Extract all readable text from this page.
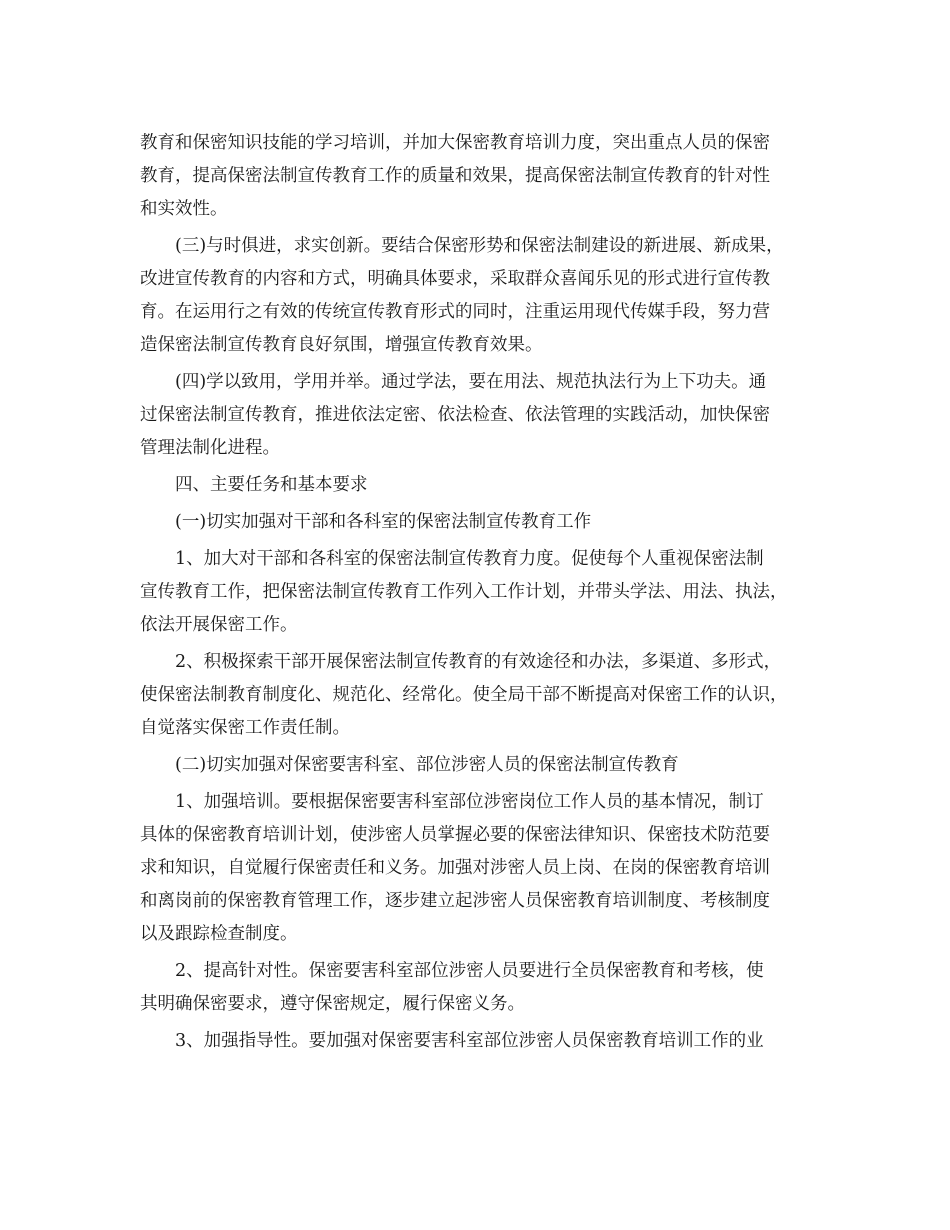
教育和保密知识技能的学习培训，并加大保密教育培训力度，突出重点人员的保密
教育，提高保密法制宣传教育工作的质量和效果，提高保密法制宣传教育的针对性
和实效性。
(三)与时俱进，求实创新。要结合保密形势和保密法制建设的新进展、新成果，
改进宣传教育的内容和方式，明确具体要求，采取群众喜闻乐见的形式进行宣传教
育。在运用行之有效的传统宣传教育形式的同时，注重运用现代传媒手段，努力营
造保密法制宣传教育良好氛围，增强宣传教育效果。
(四)学以致用，学用并举。通过学法，要在用法、规范执法行为上下功夫。通
过保密法制宣传教育，推进依法定密、依法检查、依法管理的实践活动，加快保密
管理法制化进程。
四、主要任务和基本要求
(一)切实加强对干部和各科室的保密法制宣传教育工作
1、加大对干部和各科室的保密法制宣传教育力度。促使每个人重视保密法制
宣传教育工作，把保密法制宣传教育工作列入工作计划，并带头学法、用法、执法，
依法开展保密工作。
2、积极探索干部开展保密法制宣传教育的有效途径和办法，多渠道、多形式，
使保密法制教育制度化、规范化、经常化。使全局干部不断提高对保密工作的认识，
自觉落实保密工作责任制。
(二)切实加强对保密要害科室、部位涉密人员的保密法制宣传教育
1、加强培训。要根据保密要害科室部位涉密岗位工作人员的基本情况，制订
具体的保密教育培训计划，使涉密人员掌握必要的保密法律知识、保密技术防范要
求和知识，自觉履行保密责任和义务。加强对涉密人员上岗、在岗的保密教育培训
和离岗前的保密教育管理工作，逐步建立起涉密人员保密教育培训制度、考核制度
以及跟踪检查制度。
2、提高针对性。保密要害科室部位涉密人员要进行全员保密教育和考核，使
其明确保密要求，遵守保密规定，履行保密义务。
3、加强指导性。要加强对保密要害科室部位涉密人员保密教育培训工作的业
